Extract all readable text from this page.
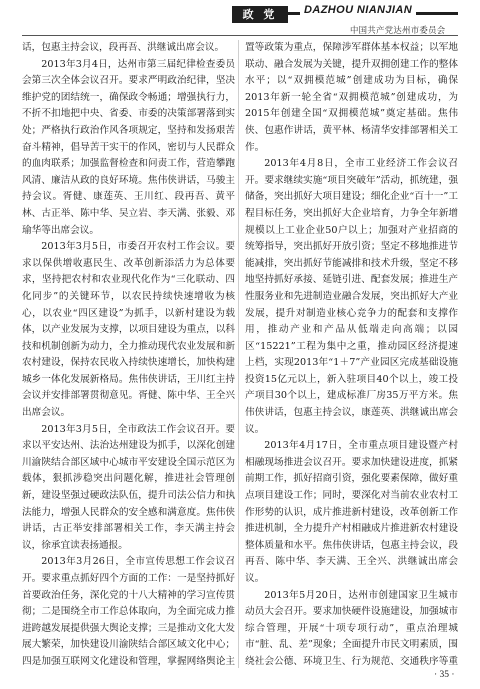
政 党	DAZHOU NIANJIAN
中国共产党达州市委员会

话，包惠主持会议，段再吾、洪继诚出席会议。

2013年3月4日，达州市第三届纪律检查委员会第三次全体会议召开。要求严明政治纪律，坚决维护党的团结统一，确保政令畅通；增强执行力，不折不扣地把中央、省委、市委的决策部署落到实处；严格执行政治作风各项规定，坚持和发扬艰苦奋斗精神，倡导苦干实干的作风，密切与人民群众的血肉联系；加强监督检查和问责工作，营造攀跑风清、廉洁从政的良好环境。焦伟侠讲话，马骏主持会议。胥健、康莲英、王川红、段再吾、黄平林、古正举、陈中华、吴立岩、李天满、张毅、邓瑜华等出席会议。

2013年3月5日，市委召开农村工作会议。要求以保供增收惠民生、改革创新添活力为总体要求，坚持把农村和农业现代化作为“三化联动、四化同步”的关键环节，以农民持续快速增收为核心，以农业“四区建设”为抓手，以新村建设为载体，以产业发展为支撑，以项目建设为重点，以科技和机制创新为动力，全力推动现代农业发展和新农村建设，保持农民收入持续快速增长，加快构建城乡一体化发展新格局。焦伟侠讲话，王川红主持会议并安排部署贯彻意见。胥健、陈中华、王全兴出席会议。

2013年3月5日，全市政法工作会议召开。要求以平安达州、法治达州建设为抓手，以深化创建川渝陕结合部区域中心城市平安建设全国示范区为载体，狠抓涉稳突出问题化解，推进社会管理创新，建设坚强过硬政法队伍，提升司法公信力和执法能力，增强人民群众的安全感和满意度。焦伟侠讲话，古正举安排部署相关工作，李天满主持会议，徐承宜读表扬通报。

2013年3月26日，全市宣传思想工作会议召开。要求重点抓好四个方面的工作：一是坚持抓好首要政治任务，深化党的十八大精神的学习宣传贯彻；二是围绕全市工作总体取向，为全面完成力推进跨越发展提供强大舆论支撑；三是推动文化大发展大繁荣，加快建设川渝陕结合部区域文化中心；四是加强互联网文化建设和管理，掌握网络舆论主

置等政策为重点，保障涉军群体基本权益；以军地联动、融合发展为关键，提升双拥创建工作的整体水平；以“双拥模范城”创建成功为目标，确保2013年新一轮全省“双拥模范城”创建成功，为2015年创建全国“双拥模范城”奠定基础。焦伟侠、包惠作讲话，黄平林、杨清华安排部署相关工作。

2013年4月8日，全市工业经济工作会议召开。要求继续实施“项目突破年”活动，抓统建，强储备，突出抓好大项目建设；细化企业“百十一”工程目标任务，突出抓好大企业培育，力争全年新增规模以上工业企业50户以上；加强对产业招商的统筹指导，突出抓好开放引资；坚定不移地推进节能减排，突出抓好节能减排和技术升级，坚定不移地坚持抓好承接、延链引进、配套发展；推进生产性服务业和先进制造业融合发展，突出抓好大产业发展，提升对制造业核心竞争力的配套和支撑作用，推动产业和产品从低端走向高端；以园区“15221”工程为集中之重，推动园区经济提速上档，实现2013年“1＋7”产业园区完成基础设施投资15亿元以上，新入驻项目40个以上，竣工投产项目30个以上，建成标准厂房35万平方米。焦伟侠讲话，包惠主持会议，康莲英、洪继诚出席会议。

2013年4月17日，全市重点项目建设暨产村相融现场推进会议召开。要求加快建设进度，抓紧前期工作，抓好招商引资，强化要素保障，做好重点项目建设工作；同时，要深化对当前农业农村工作形势的认识，成片推进新村建设，改革创新工作推进机制，全力提升产村相融成片推进新农村建设整体质量和水平。焦伟侠讲话，包惠主持会议，段再吾、陈中华、李天满、王全兴、洪继诚出席会议。

2013年5月20日，达州市创建国家卫生城市动员大会召开。要求加快硬件设施建设，加强城市综合管理，开展“十项专项行动”，重点治理城市“脏、乱、差”现象；全面提升市民文明素质，围绕社会公德、环境卫生、行为规范、交通秩序等重

· 35 ·
